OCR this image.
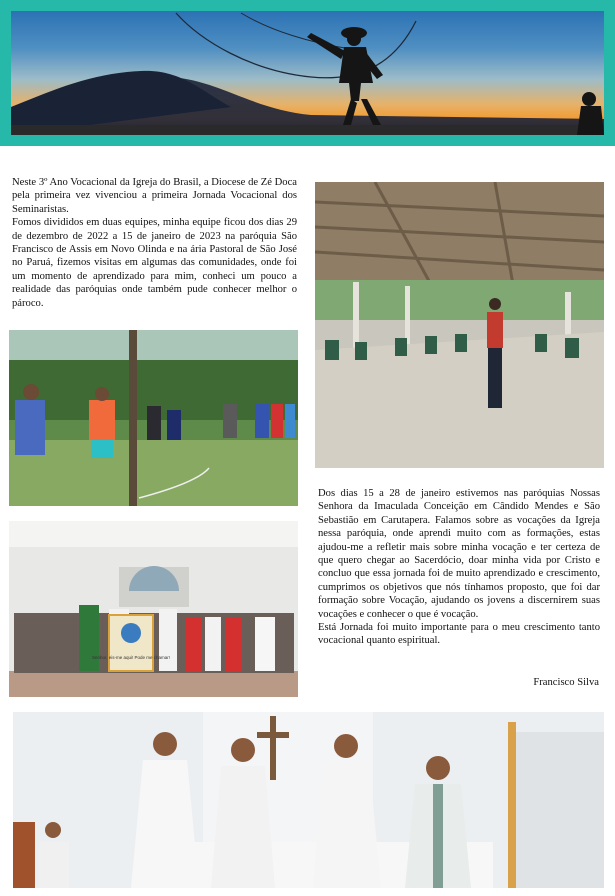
Neste 3º Ano Vocacional da Igreja do Brasil, a Diocese de Zé Doca pela primeira vez vivenciou a primeira Jornada Vocacional dos Seminaristas.

Fomos divididos em duas equipes, minha equipe ficou dos dias 29 de dezembro de 2022 a 15 de janeiro de 2023 na paróquia São Francisco de Assis em Novo Olinda e na ária Pastoral de São José no Paruá, fizemos visitas em algumas das comunidades, onde foi um momento de aprendizado para mim, conheci um pouco a realidade das paróquias onde também pude conhecer melhor o pároco.

Senhor, eis-me aqui! Pode me chamar!

Dos dias 15 a 28 de janeiro estivemos nas paróquias Nossas Senhora da Imaculada Conceição em Cândido Mendes e São Sebastião em Carutapera. Falamos sobre as vocações da Igreja nessa paróquia, onde aprendi muito com as formações, estas ajudou-me a refletir mais sobre minha vocação e ter certeza de que quero chegar ao Sacerdócio, doar minha vida por Cristo e concluo que essa jornada foi de muito aprendizado e crescimento, cumprimos os objetivos que nós tínhamos proposto, que foi dar formação sobre Vocação, ajudando os jovens a discernirem suas vocações e conhecer o que é vocação.

Está Jornada foi muito importante para o meu crescimento tanto vocacional quanto espiritual.

Francisco Silva
